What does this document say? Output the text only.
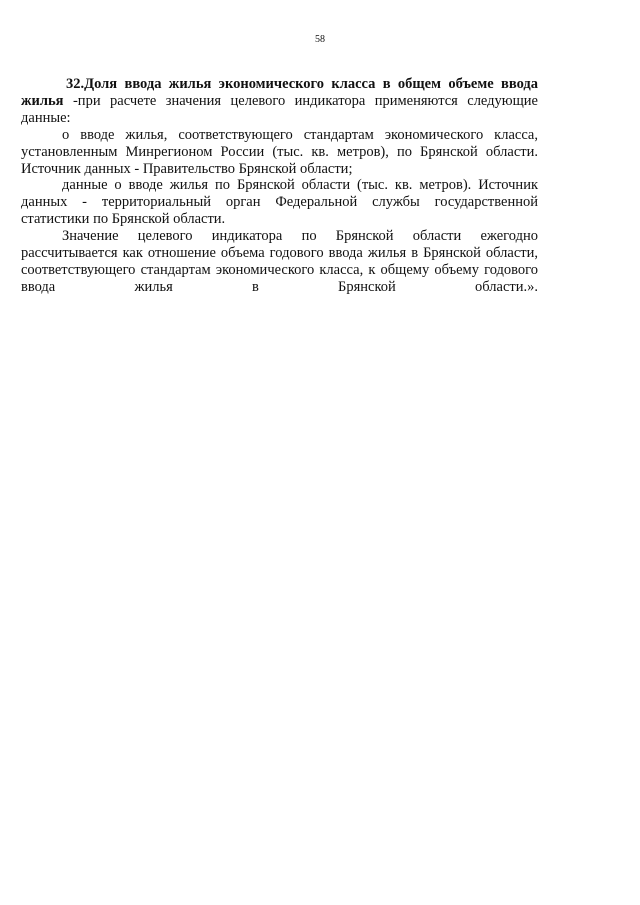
58

32.Доля ввода жилья экономического класса в общем объеме ввода жилья -при расчете значения целевого индикатора применяются следующие данные:

о вводе жилья, соответствующего стандартам экономического класса, установленным Минрегионом России (тыс. кв. метров), по Брянской области. Источник данных - Правительство Брянской области;

данные о вводе жилья по Брянской области (тыс. кв. метров). Источник данных - территориальный орган Федеральной службы государственной статистики по Брянской области.

Значение целевого индикатора по Брянской области ежегодно рассчитывается как отношение объема годового ввода жилья в Брянской области, соответствующего стандартам экономического класса, к общему объему годового ввода жилья в Брянской области.».
